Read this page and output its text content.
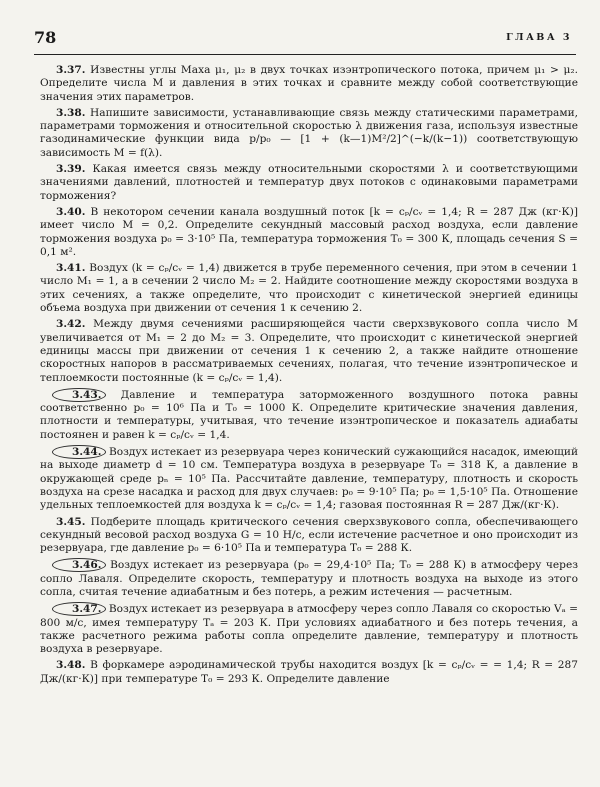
78	ГЛАВА 3

3.37. Известны углы Маха μ₁, μ₂ в двух точках изэнтропического потока, причем μ₁ > μ₂. Определите числа M и давления в этих точках и сравните между собой соответствующие значения этих параметров.

3.38. Напишите зависимости, устанавливающие связь между статическими параметрами, параметрами торможения и относительной скоростью λ движения газа, используя известные газодинамические функции вида p/p₀ — [1 + (k—1)M²/2]^(−k/(k−1)) соответствующую зависимость M = f(λ).

3.39. Какая имеется связь между относительными скоростями λ и соответствующими значениями давлений, плотностей и температур двух потоков с одинаковыми параметрами торможения?

3.40. В некотором сечении канала воздушный поток [k = cₚ/cᵥ = 1,4; R = 287 Дж (кг·К)] имеет число M = 0,2. Определите секундный массовый расход воздуха, если давление торможения воздуха p₀ = 3·10⁵ Па, температура торможения T₀ = 300 К, площадь сечения S = 0,1 м².

3.41. Воздух (k = cₚ/cᵥ = 1,4) движется в трубе переменного сечения, при этом в сечении 1 число M₁ = 1, а в сечении 2 число M₂ = 2. Найдите соотношение между скоростями воздуха в этих сечениях, а также определите, что происходит с кинетической энергией единицы объема воздуха при движении от сечения 1 к сечению 2.

3.42. Между двумя сечениями расширяющейся части сверхзвукового сопла число M увеличивается от M₁ = 2 до M₂ = 3. Определите, что происходит с кинетической энергией единицы массы при движении от сечения 1 к сечению 2, а также найдите отношение скоростных напоров в рассматриваемых сечениях, полагая, что течение изэнтропическое и теплоемкости постоянные (k = cₚ/cᵥ = 1,4).

3.43. Давление и температура заторможенного воздушного потока равны соответственно p₀ = 10⁶ Па и T₀ = 1000 К. Определите критические значения давления, плотности и температуры, учитывая, что течение изэнтропическое и показатель адиабаты постоянен и равен k = cₚ/cᵥ = 1,4.

3.44. Воздух истекает из резервуара через конический сужающийся насадок, имеющий на выходе диаметр d = 10 см. Температура воздуха в резервуаре T₀ = 318 К, а давление в окружающей среде pₙ = 10⁵ Па. Рассчитайте давление, температуру, плотность и скорость воздуха на срезе насадка и расход для двух случаев: p₀ = 9·10⁵ Па; p₀ = 1,5·10⁵ Па. Отношение удельных теплоемкостей для воздуха k = cₚ/cᵥ = 1,4; газовая постоянная R = 287 Дж/(кг·К).

3.45. Подберите площадь критического сечения сверхзвукового сопла, обеспечивающего секундный весовой расход воздуха G = 10 Н/с, если истечение расчетное и оно происходит из резервуара, где давление p₀ = 6·10⁵ Па и температура T₀ = 288 К.

3.46. Воздух истекает из резервуара (p₀ = 29,4·10⁵ Па; T₀ = 288 К) в атмосферу через сопло Лаваля. Определите скорость, температуру и плотность воздуха на выходе из этого сопла, считая течение адиабатным и без потерь, а режим истечения — расчетным.

3.47. Воздух истекает из резервуара в атмосферу через сопло Лаваля со скоростью Vₐ = 800 м/с, имея температуру Tₐ = 203 К. При условиях адиабатного и без потерь течения, а также расчетного режима работы сопла определите давление, температуру и плотность воздуха в резервуаре.

3.48. В форкамере аэродинамической трубы находится воздух [k = cₚ/cᵥ = = 1,4; R = 287 Дж/(кг·К)] при температуре T₀ = 293 К. Определите давление
